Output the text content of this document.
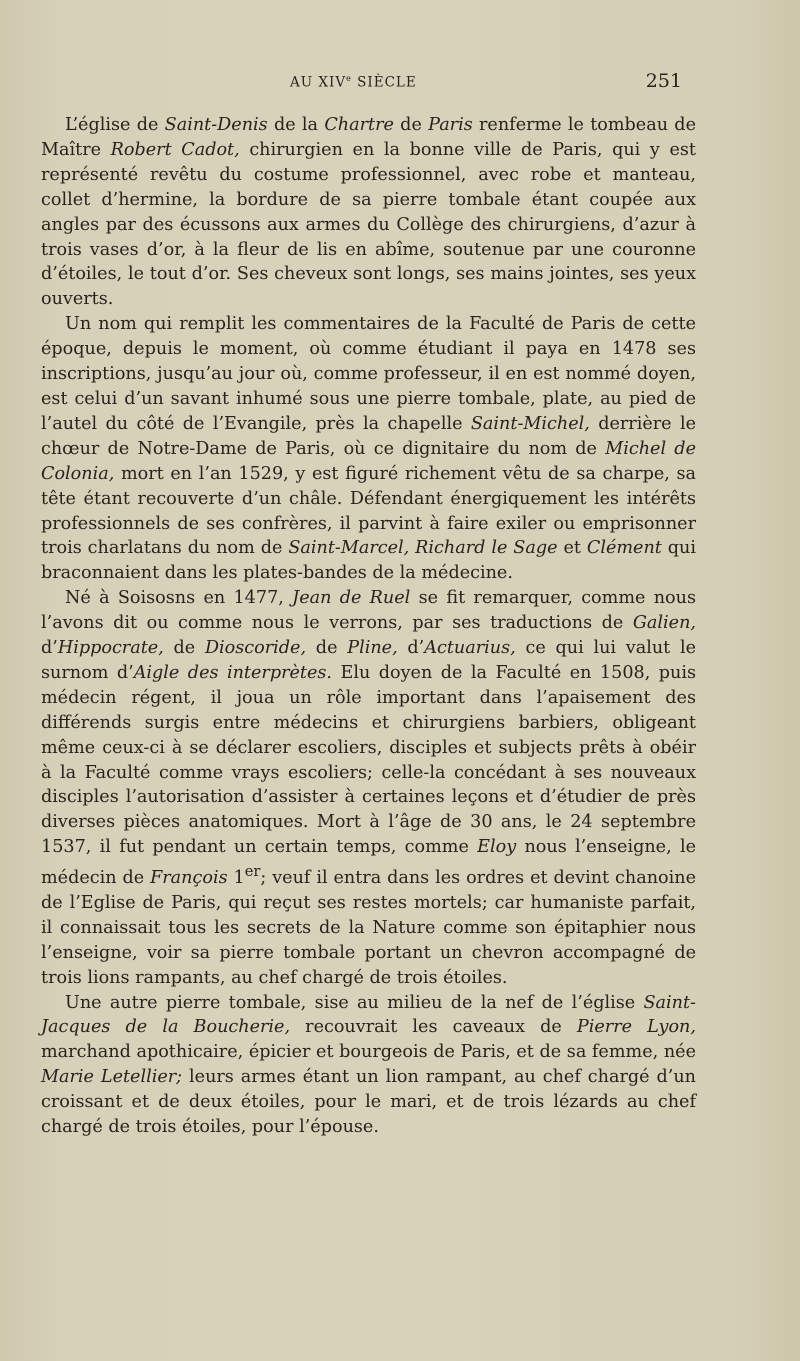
AU XIVe SIÈCLE	251

L’église de Saint-Denis de la Chartre de Paris renferme le tombeau de Maître Robert Cadot, chirurgien en la bonne ville de Paris, qui y est représenté revêtu du costume professionnel, avec robe et manteau, collet d’hermine, la bordure de sa pierre tombale étant coupée aux angles par des écussons aux armes du Collège des chirurgiens, d’azur à trois vases d’or, à la fleur de lis en abîme, soutenue par une couronne d’étoiles, le tout d’or. Ses cheveux sont longs, ses mains jointes, ses yeux ouverts.

Un nom qui remplit les commentaires de la Faculté de Paris de cette époque, depuis le moment, où comme étudiant il paya en 1478 ses inscriptions, jusqu’au jour où, comme professeur, il en est nommé doyen, est celui d’un savant inhumé sous une pierre tombale, plate, au pied de l’autel du côté de l’Evangile, près la chapelle Saint-Michel, derrière le chœur de Notre-Dame de Paris, où ce dignitaire du nom de Michel de Colonia, mort en l’an 1529, y est figuré richement vêtu de sa charpe, sa tête étant recouverte d’un châle. Défendant énergiquement les intérêts professionnels de ses confrères, il parvint à faire exiler ou emprisonner trois charlatans du nom de Saint-Marcel, Richard le Sage et Clément qui braconnaient dans les plates-bandes de la médecine.

Né à Soisosns en 1477, Jean de Ruel se fit remarquer, comme nous l’avons dit ou comme nous le verrons, par ses traductions de Galien, d’Hippocrate, de Dioscoride, de Pline, d’Actuarius, ce qui lui valut le surnom d’Aigle des interprètes. Elu doyen de la Faculté en 1508, puis médecin régent, il joua un rôle important dans l’apaisement des différends surgis entre médecins et chirurgiens barbiers, obligeant même ceux-ci à se déclarer escoliers, disciples et subjects prêts à obéir à la Faculté comme vrays escoliers; celle-la concédant à ses nouveaux disciples l’autorisation d’assister à certaines leçons et d’étudier de près diverses pièces anatomiques. Mort à l’âge de 30 ans, le 24 septembre 1537, il fut pendant un certain temps, comme Eloy nous l’enseigne, le médecin de François 1er; veuf il entra dans les ordres et devint chanoine de l’Eglise de Paris, qui reçut ses restes mortels; car humaniste parfait, il connaissait tous les secrets de la Nature comme son épitaphier nous l’enseigne, voir sa pierre tombale portant un chevron accompagné de trois lions rampants, au chef chargé de trois étoiles.

Une autre pierre tombale, sise au milieu de la nef de l’église Saint-Jacques de la Boucherie, recouvrait les caveaux de Pierre Lyon, marchand apothicaire, épicier et bourgeois de Paris, et de sa femme, née Marie Letellier; leurs armes étant un lion rampant, au chef chargé d’un croissant et de deux étoiles, pour le mari, et de trois lézards au chef chargé de trois étoiles, pour l’épouse.
